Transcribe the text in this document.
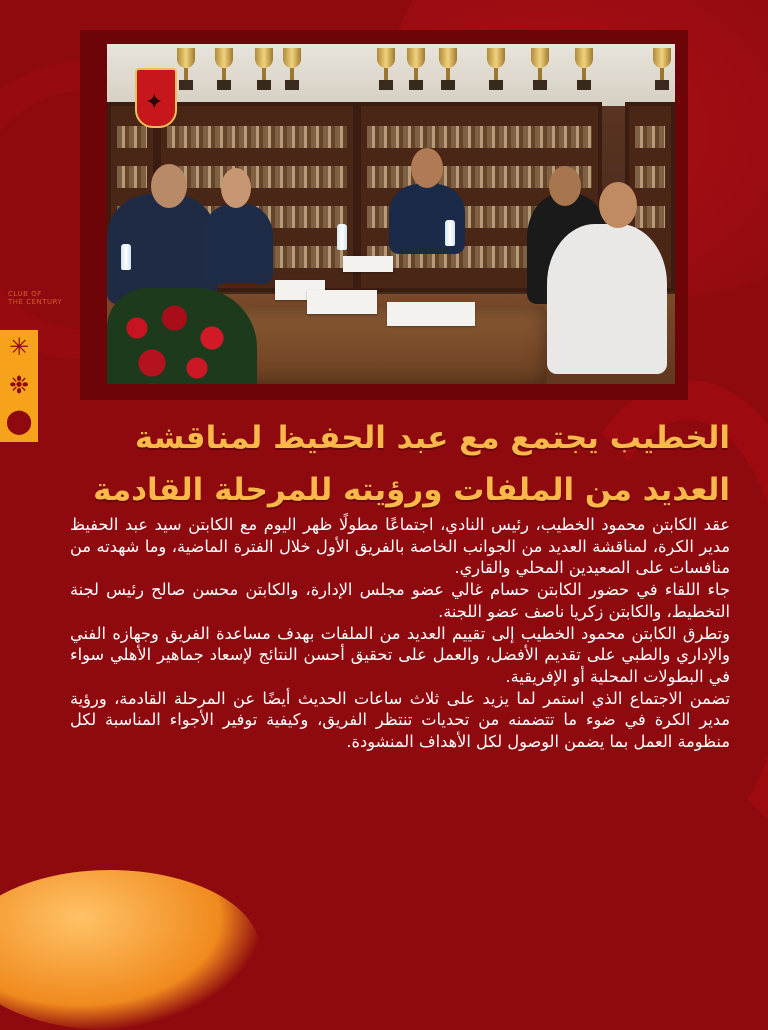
✦
CLUB OF
THE CENTURY
✳
❉
⬤	الخطيب يجتمع مع عبد الحفيظ لمناقشة
العديد من الملفات ورؤيته للمرحلة القادمة

عقد الكابتن محمود الخطيب، رئيس النادي، اجتماعًا مطولًا ظهر اليوم مع الكابتن سيد عبد الحفيظ مدير الكرة، لمناقشة العديد من الجوانب الخاصة بالفريق الأول خلال الفترة الماضية، وما شهدته من منافسات على الصعيدين المحلي والقاري.

جاء اللقاء في حضور الكابتن حسام غالي عضو مجلس الإدارة، والكابتن محسن صالح رئيس لجنة التخطيط، والكابتن زكريا ناصف عضو اللجنة.

وتطرق الكابتن محمود الخطيب إلى تقييم العديد من الملفات بهدف مساعدة الفريق وجهازه الفني والإداري والطبي على تقديم الأفضل، والعمل على تحقيق أحسن النتائج لإسعاد جماهير الأهلي سواء في البطولات المحلية أو الإفريقية.

تضمن الاجتماع الذي استمر لما يزيد على ثلاث ساعات الحديث أيضًا عن المرحلة القادمة، ورؤية مدير الكرة في ضوء ما تتضمنه من تحديات تنتظر الفريق، وكيفية توفير الأجواء المناسبة لكل منظومة العمل بما يضمن الوصول لكل الأهداف المنشودة.
